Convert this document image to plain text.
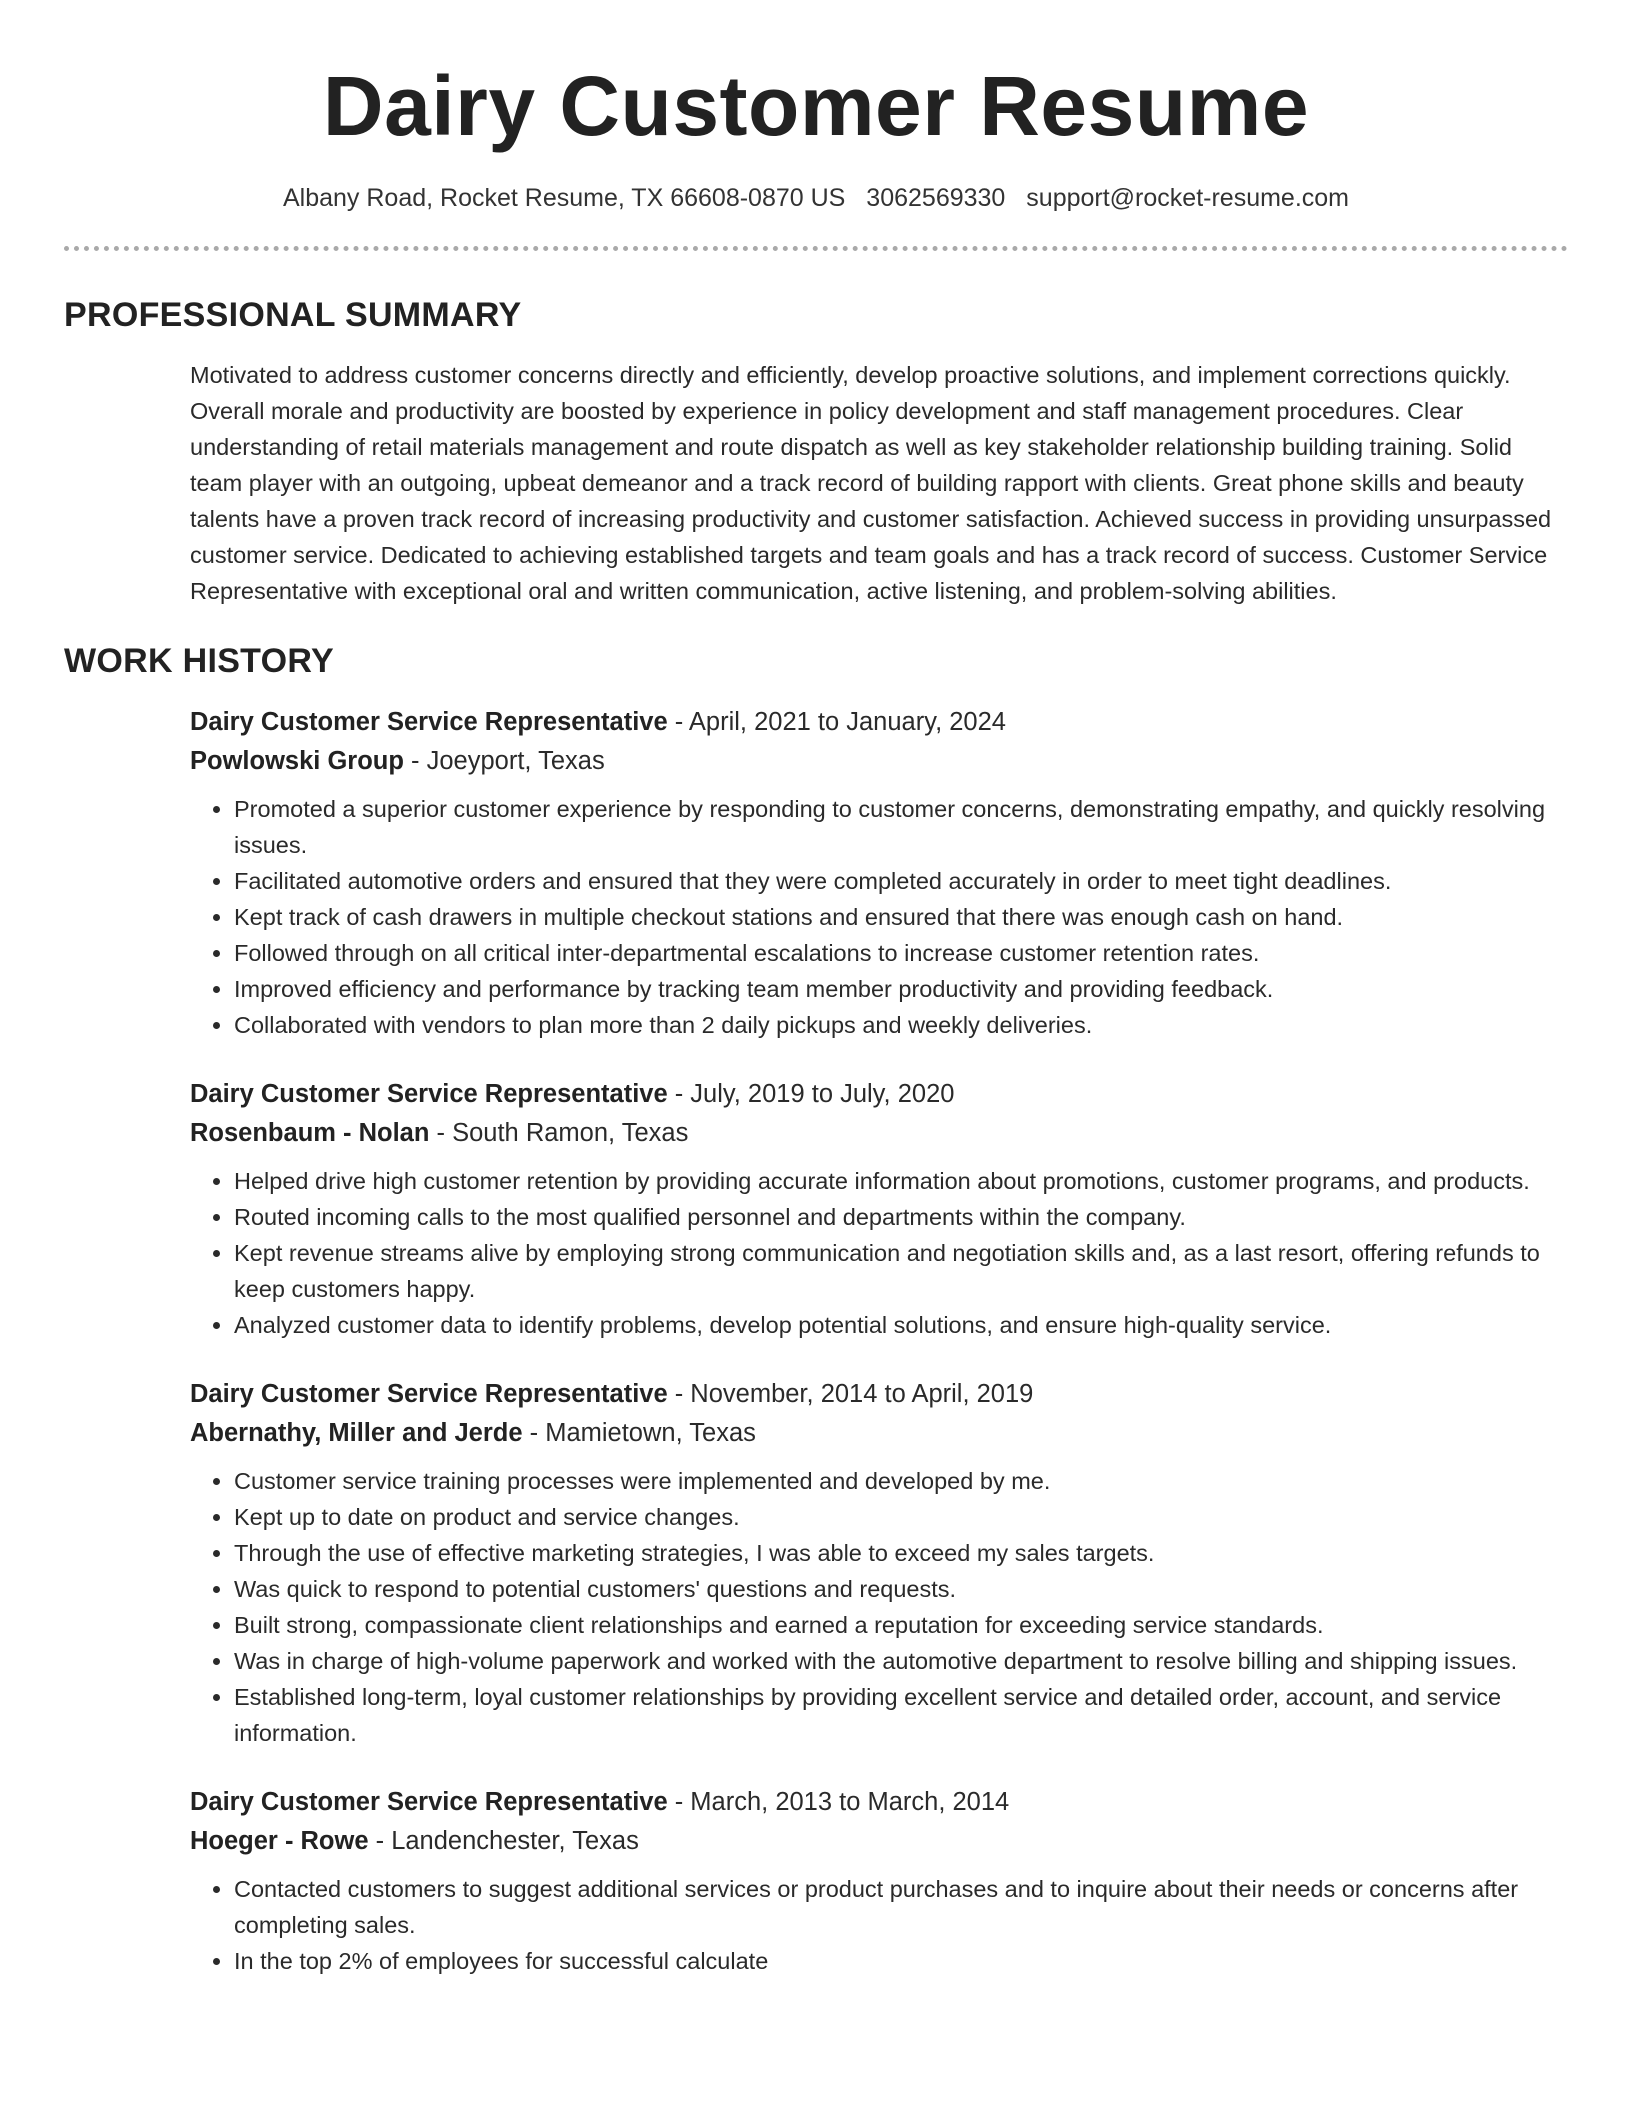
Dairy Customer Resume
Albany Road, Rocket Resume, TX 66608-0870 US 3062569330 support@rocket-resume.com
PROFESSIONAL SUMMARY

Motivated to address customer concerns directly and efficiently, develop proactive solutions, and implement corrections quickly. Overall morale and productivity are boosted by experience in policy development and staff management procedures. Clear understanding of retail materials management and route dispatch as well as key stakeholder relationship building training. Solid team player with an outgoing, upbeat demeanor and a track record of building rapport with clients. Great phone skills and beauty talents have a proven track record of increasing productivity and customer satisfaction. Achieved success in providing unsurpassed customer service. Dedicated to achieving established targets and team goals and has a track record of success. Customer Service Representative with exceptional oral and written communication, active listening, and problem-solving abilities.

WORK HISTORY
Dairy Customer Service Representative - April, 2021 to January, 2024
Powlowski Group - Joeyport, Texas
• Promoted a superior customer experience by responding to customer concerns, demonstrating empathy, and quickly resolving issues.
• Facilitated automotive orders and ensured that they were completed accurately in order to meet tight deadlines.
• Kept track of cash drawers in multiple checkout stations and ensured that there was enough cash on hand.
• Followed through on all critical inter-departmental escalations to increase customer retention rates.
• Improved efficiency and performance by tracking team member productivity and providing feedback.
• Collaborated with vendors to plan more than 2 daily pickups and weekly deliveries.
Dairy Customer Service Representative - July, 2019 to July, 2020
Rosenbaum - Nolan - South Ramon, Texas
• Helped drive high customer retention by providing accurate information about promotions, customer programs, and products.
• Routed incoming calls to the most qualified personnel and departments within the company.
• Kept revenue streams alive by employing strong communication and negotiation skills and, as a last resort, offering refunds to keep customers happy.
• Analyzed customer data to identify problems, develop potential solutions, and ensure high-quality service.
Dairy Customer Service Representative - November, 2014 to April, 2019
Abernathy, Miller and Jerde - Mamietown, Texas
• Customer service training processes were implemented and developed by me.
• Kept up to date on product and service changes.
• Through the use of effective marketing strategies, I was able to exceed my sales targets.
• Was quick to respond to potential customers' questions and requests.
• Built strong, compassionate client relationships and earned a reputation for exceeding service standards.
• Was in charge of high-volume paperwork and worked with the automotive department to resolve billing and shipping issues.
• Established long-term, loyal customer relationships by providing excellent service and detailed order, account, and service information.
Dairy Customer Service Representative - March, 2013 to March, 2014
Hoeger - Rowe - Landenchester, Texas
• Contacted customers to suggest additional services or product purchases and to inquire about their needs or concerns after completing sales.
• In the top 2% of employees for successful calculate
